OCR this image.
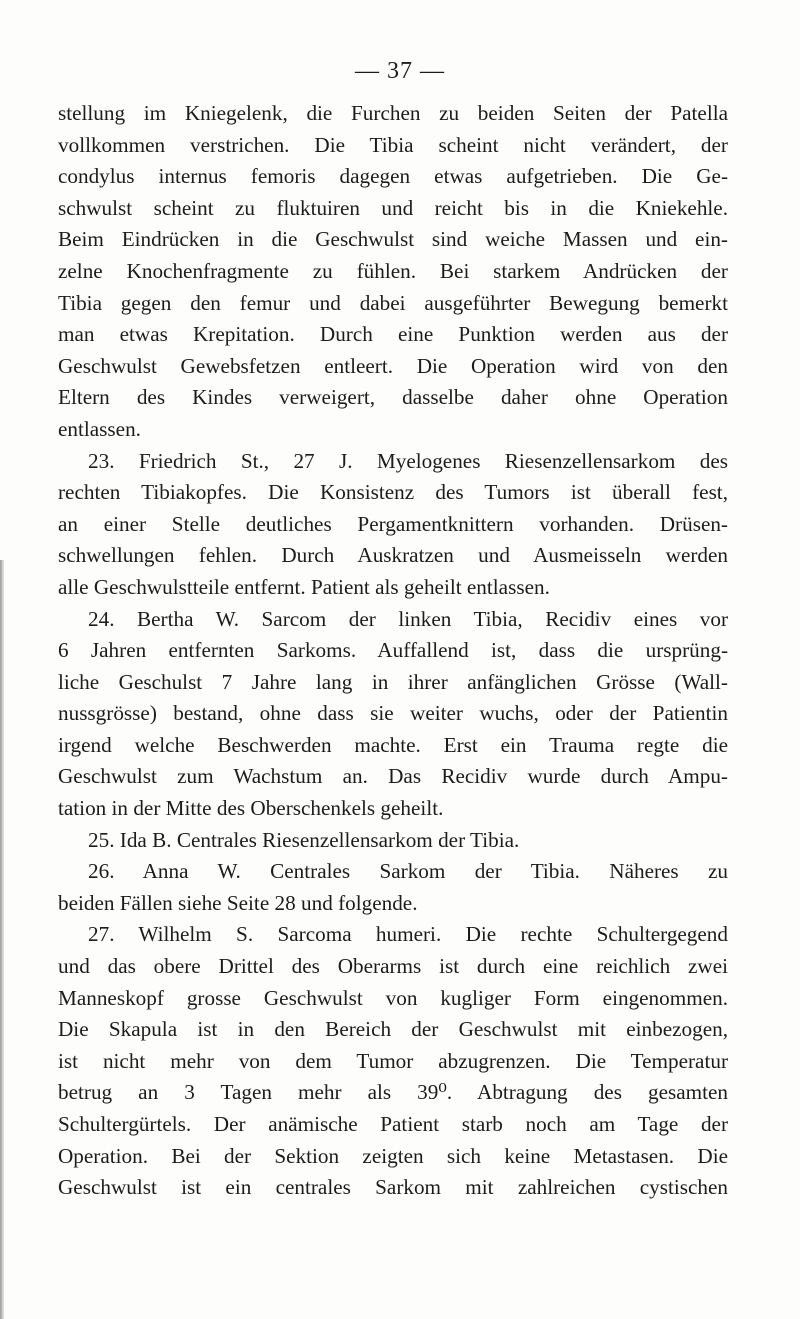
— 37 —
stellung im Kniegelenk, die Furchen zu beiden Seiten der Patella
vollkommen verstrichen. Die Tibia scheint nicht verändert, der
condylus internus femoris dagegen etwas aufgetrieben. Die Ge-
schwulst scheint zu fluktuiren und reicht bis in die Kniekehle.
Beim Eindrücken in die Geschwulst sind weiche Massen und ein-
zelne Knochenfragmente zu fühlen. Bei starkem Andrücken der
Tibia gegen den femur und dabei ausgeführter Bewegung bemerkt
man etwas Krepitation. Durch eine Punktion werden aus der
Geschwulst Gewebsfetzen entleert. Die Operation wird von den
Eltern des Kindes verweigert, dasselbe daher ohne Operation
entlassen.
23. Friedrich St., 27 J. Myelogenes Riesenzellensarkom des
rechten Tibiakopfes. Die Konsistenz des Tumors ist überall fest,
an einer Stelle deutliches Pergamentknittern vorhanden. Drüsen-
schwellungen fehlen. Durch Auskratzen und Ausmeisseln werden
alle Geschwulstteile entfernt. Patient als geheilt entlassen.
24. Bertha W. Sarcom der linken Tibia, Recidiv eines vor
6 Jahren entfernten Sarkoms. Auffallend ist, dass die ursprüng-
liche Geschulst 7 Jahre lang in ihrer anfänglichen Grösse (Wall-
nussgrösse) bestand, ohne dass sie weiter wuchs, oder der Patientin
irgend welche Beschwerden machte. Erst ein Trauma regte die
Geschwulst zum Wachstum an. Das Recidiv wurde durch Ampu-
tation in der Mitte des Oberschenkels geheilt.
25. Ida B. Centrales Riesenzellensarkom der Tibia.
26. Anna W. Centrales Sarkom der Tibia. Näheres zu
beiden Fällen siehe Seite 28 und folgende.
27. Wilhelm S. Sarcoma humeri. Die rechte Schultergegend
und das obere Drittel des Oberarms ist durch eine reichlich zwei
Manneskopf grosse Geschwulst von kugliger Form eingenommen.
Die Skapula ist in den Bereich der Geschwulst mit einbezogen,
ist nicht mehr von dem Tumor abzugrenzen. Die Temperatur
betrug an 3 Tagen mehr als 39⁰. Abtragung des gesamten
Schultergürtels. Der anämische Patient starb noch am Tage der
Operation. Bei der Sektion zeigten sich keine Metastasen. Die
Geschwulst ist ein centrales Sarkom mit zahlreichen cystischen
